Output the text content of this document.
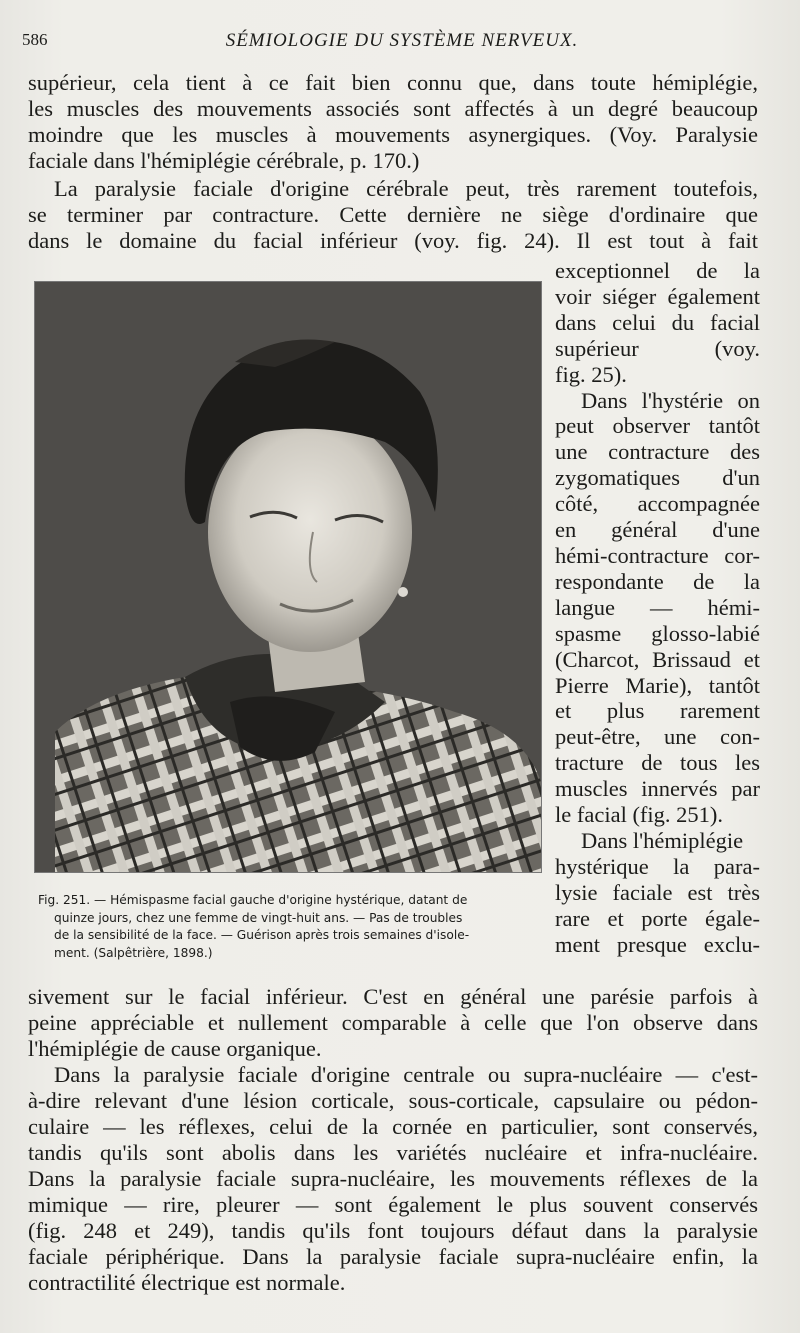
586	SÉMIOLOGIE DU SYSTÈME NERVEUX.
supérieur, cela tient à ce fait bien connu que, dans toute hémiplégie,
les muscles des mouvements associés sont affectés à un degré beaucoup
moindre que les muscles à mouvements asynergiques. (Voy. Paralysie
faciale dans l'hémiplégie cérébrale, p. 170.)
La paralysie faciale d'origine cérébrale peut, très rarement toutefois,
se terminer par contracture. Cette dernière ne siège d'ordinaire que
dans le domaine du facial inférieur (voy. fig. 24). Il est tout à fait
exceptionnel de la
voir siéger également
dans celui du facial
supérieur (voy.
fig. 25).
Dans l'hystérie on
peut observer tantôt
une contracture des
zygomatiques d'un
côté, accompagnée
en général d'une
hémi-contracture cor-
respondante de la
langue — hémi-
spasme glosso-labié
(Charcot, Brissaud et
Pierre Marie), tantôt
et plus rarement
peut-être, une con-
tracture de tous les
muscles innervés par
le facial (fig. 251).
Dans l'hémiplégie
hystérique la para-
lysie faciale est très
rare et porte égale-
ment presque exclu-
Fig. 251. — Hémispasme facial gauche d'origine hystérique, datant de
quinze jours, chez une femme de vingt-huit ans. — Pas de troubles
de la sensibilité de la face. — Guérison après trois semaines d'isole-
ment. (Salpêtrière, 1898.)
sivement sur le facial inférieur. C'est en général une parésie parfois à
peine appréciable et nullement comparable à celle que l'on observe dans
l'hémiplégie de cause organique.
Dans la paralysie faciale d'origine centrale ou supra-nucléaire — c'est-
à-dire relevant d'une lésion corticale, sous-corticale, capsulaire ou pédon-
culaire — les réflexes, celui de la cornée en particulier, sont conservés,
tandis qu'ils sont abolis dans les variétés nucléaire et infra-nucléaire.
Dans la paralysie faciale supra-nucléaire, les mouvements réflexes de la
mimique — rire, pleurer — sont également le plus souvent conservés
(fig. 248 et 249), tandis qu'ils font toujours défaut dans la paralysie
faciale périphérique. Dans la paralysie faciale supra-nucléaire enfin, la
contractilité électrique est normale.
